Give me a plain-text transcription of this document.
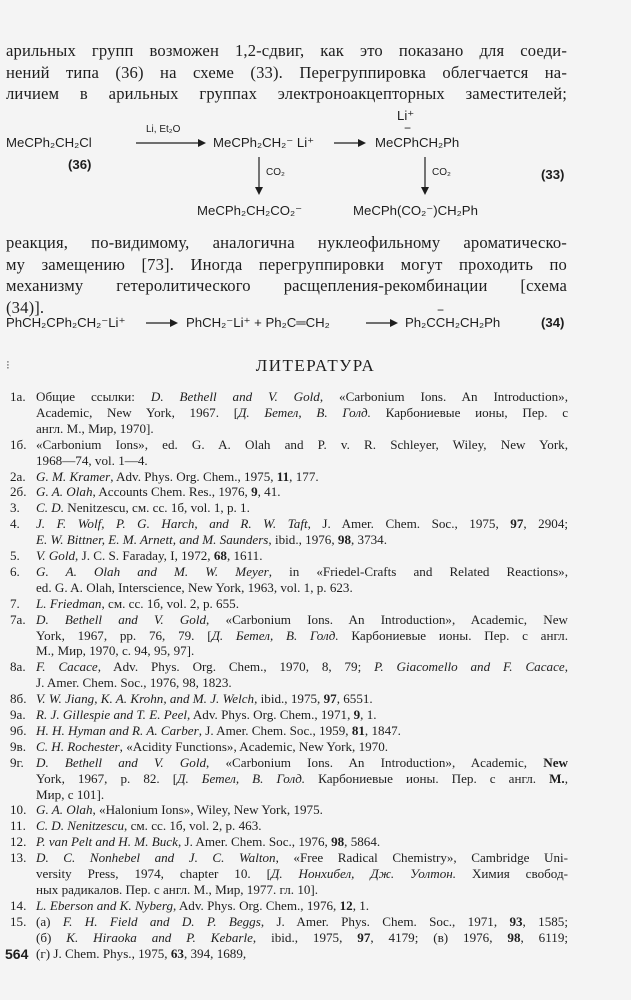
арильных групп возможен 1,2-сдвиг, как это показано для соеди-
нений типа (36) на схеме (33). Перегруппировка облегчается на-
личием в арильных группах электроноакцепторных заместителей;
MeCPh₂CH₂Cl
(36)
Li, Et₂O
MeCPh₂CH₂⁻ Li⁺
Li⁺
−
MeCPhCH₂Ph
(33)
CO₂	CO₂
MeCPh₂CH₂CO₂⁻	MeCPh(CO₂⁻)CH₂Ph
реакция, по-видимому, аналогична нуклеофильному ароматическо-
му замещению [73]. Иногда перегруппировки могут проходить по
механизму гетеролитического расщепления-рекомбинации [схема
(34)].
PhCH₂CPh₂CH₂⁻Li⁺	PhCH₂⁻Li⁺ + Ph₂C═CH₂
−
Ph₂CCH₂CH₂Ph	(34)
⁝	ЛИТЕРАТУРА
1а. Общие ссылки: D. Bethell and V. Gold, «Carbonium Ions. An Introduction»,
Academic, New York, 1967. [Д. Бетел, В. Голд. Карбониевые ионы, Пер. с
англ. М., Мир, 1970].
1б. «Carbonium Ions», ed. G. A. Olah and P. v. R. Schleyer, Wiley, New York,
1968—74, vol. 1—4.
2а. G. M. Kramer, Adv. Phys. Org. Chem., 1975, 11, 177.
2б. G. A. Olah, Accounts Chem. Res., 1976, 9, 41.
3.	C. D. Nenitzescu, см. сс. 1б, vol. 1, p. 1.
4.	J. F. Wolf, P. G. Harch, and R. W. Taft, J. Amer. Chem. Soc., 1975, 97, 2904;
E. W. Bittner, E. M. Arnett, and M. Saunders, ibid., 1976, 98, 3734.
5.	V. Gold, J. C. S. Faraday, I, 1972, 68, 1611.
6.	G. A. Olah and M. W. Meyer, in «Friedel-Crafts and Related Reactions»,
ed. G. A. Olah, Interscience, New York, 1963, vol. 1, p. 623.
7.	L. Friedman, см. сс. 1б, vol. 2, p. 655.
7а. D. Bethell and V. Gold, «Carbonium Ions. An Introduction», Academic, New
York, 1967, pp. 76, 79. [Д. Бетел, В. Голд. Карбониевые ионы. Пер. с англ.
М., Мир, 1970, с. 94, 95, 97].
8а. F. Cacace, Adv. Phys. Org. Chem., 1970, 8, 79; P. Giacomello and F. Cacace,
J. Amer. Chem. Soc., 1976, 98, 1823.
8б. V. W. Jiang, K. A. Krohn, and M. J. Welch, ibid., 1975, 97, 6551.
9а. R. J. Gillespie and T. E. Peel, Adv. Phys. Org. Chem., 1971, 9, 1.
9б. H. H. Hyman and R. A. Carber, J. Amer. Chem. Soc., 1959, 81, 1847.
9в. C. H. Rochester, «Acidity Functions», Academic, New York, 1970.
9г. D. Bethell and V. Gold, «Carbonium Ions. An Introduction», Academic, New
York, 1967, p. 82. [Д. Бетел, В. Голд. Карбониевые ионы. Пер. с англ. М.,
Мир, с 101].
10. G. A. Olah, «Halonium Ions», Wiley, New York, 1975.
11. C. D. Nenitzescu, см. сс. 1б, vol. 2, p. 463.
12. P. van Pelt and H. M. Buck, J. Amer. Chem. Soc., 1976, 98, 5864.
13. D. C. Nonhebel and J. C. Walton, «Free Radical Chemistry», Cambridge Uni-
versity Press, 1974, chapter 10. [Д. Нонхибел, Дж. Уолтон. Химия свобод-
ных радикалов. Пер. с англ. М., Мир, 1977. гл. 10].
14. L. Eberson and K. Nyberg, Adv. Phys. Org. Chem., 1976, 12, 1.
15. (а) F. H. Field and D. P. Beggs, J. Amer. Phys. Chem. Soc., 1971, 93, 1585;
(б) K. Hiraoka and P. Kebarle, ibid., 1975, 97, 4179; (в) 1976, 98, 6119;
(г) J. Chem. Phys., 1975, 63, 394, 1689,
564
